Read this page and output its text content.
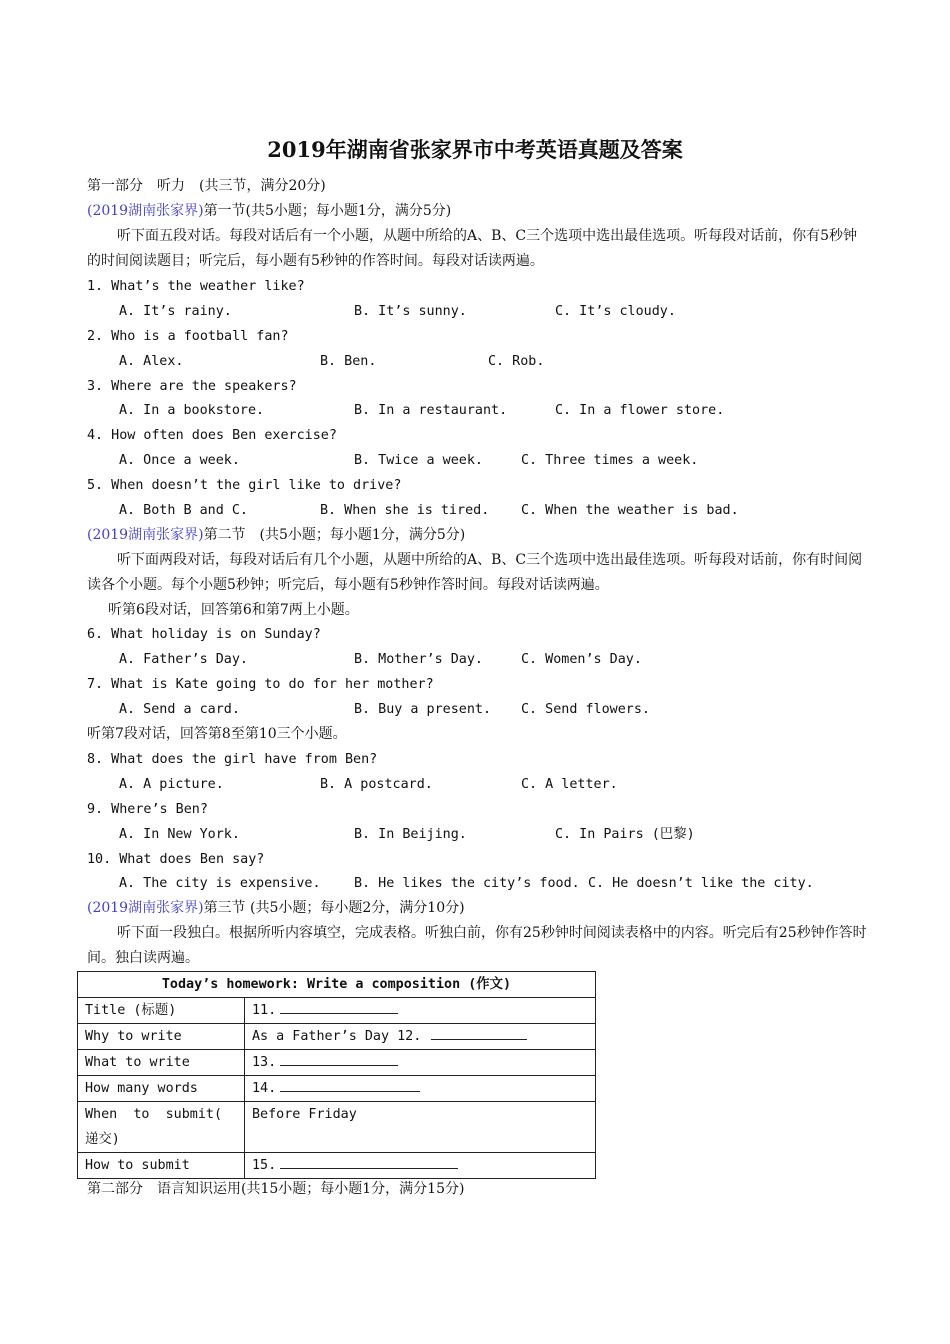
2019年湖南省张家界市中考英语真题及答案
第一部分　听力　(共三节，满分20分)
(2019湖南张家界)第一节(共5小题；每小题1分，满分5分)
听下面五段对话。每段对话后有一个小题，从题中所给的A、B、C三个选项中选出最佳选项。听每段对话前，你有5秒钟的时间阅读题目；听完后，每小题有5秒钟的作答时间。每段对话读两遍。
1. What’s the weather like?
A. It’s rainy.	B. It’s sunny.	C. It’s cloudy.
2. Who is a football fan?
A. Alex.	B. Ben.	C. Rob.
3. Where are the speakers?
A. In a bookstore.	B. In a restaurant.	C. In a flower store.
4. How often does Ben exercise?
A. Once a week.	B. Twice a week.	C. Three times a week.
5. When doesn’t the girl like to drive?
A. Both B and C.	B. When she is tired. C. When the weather is bad.
(2019湖南张家界)第二节　(共5小题；每小题1分，满分5分)
听下面两段对话，每段对话后有几个小题，从题中所给的A、B、C三个选项中选出最佳选项。听每段对话前，你有时间阅读各个小题。每个小题5秒钟；听完后，每小题有5秒钟作答时间。每段对话读两遍。
听第6段对话，回答第6和第7两上小题。
6. What holiday is on Sunday?
A. Father’s Day.	B. Mother’s Day.	C. Women’s Day.
7. What is Kate going to do for her mother?
A. Send a card.	B. Buy a present. C. Send flowers.
听第7段对话，回答第8至第10三个小题。
8. What does the girl have from Ben?
A. A picture.	B. A postcard.	C. A letter.
9. Where’s Ben?
A. In New York.	B. In Beijing.	C. In Pairs (巴黎)
10. What does Ben say?
A. The city is expensive. B. He likes the city’s food. C. He doesn’t like the city.
(2019湖南张家界)第三节 (共5小题；每小题2分，满分10分)
听下面一段独白。根据所听内容填空，完成表格。听独白前，你有25秒钟时间阅读表格中的内容。听完后有25秒钟作答时间。独白读两遍。
Today’s homework: Write a composition (作文)	
Title (标题)	11.
Why to write	As a Father’s Day 12.
What to write	13.
How many words	14.
When  to  submit( 递交)	Before Friday
How to submit	15.
第二部分　语言知识运用(共15小题；每小题1分，满分15分)
